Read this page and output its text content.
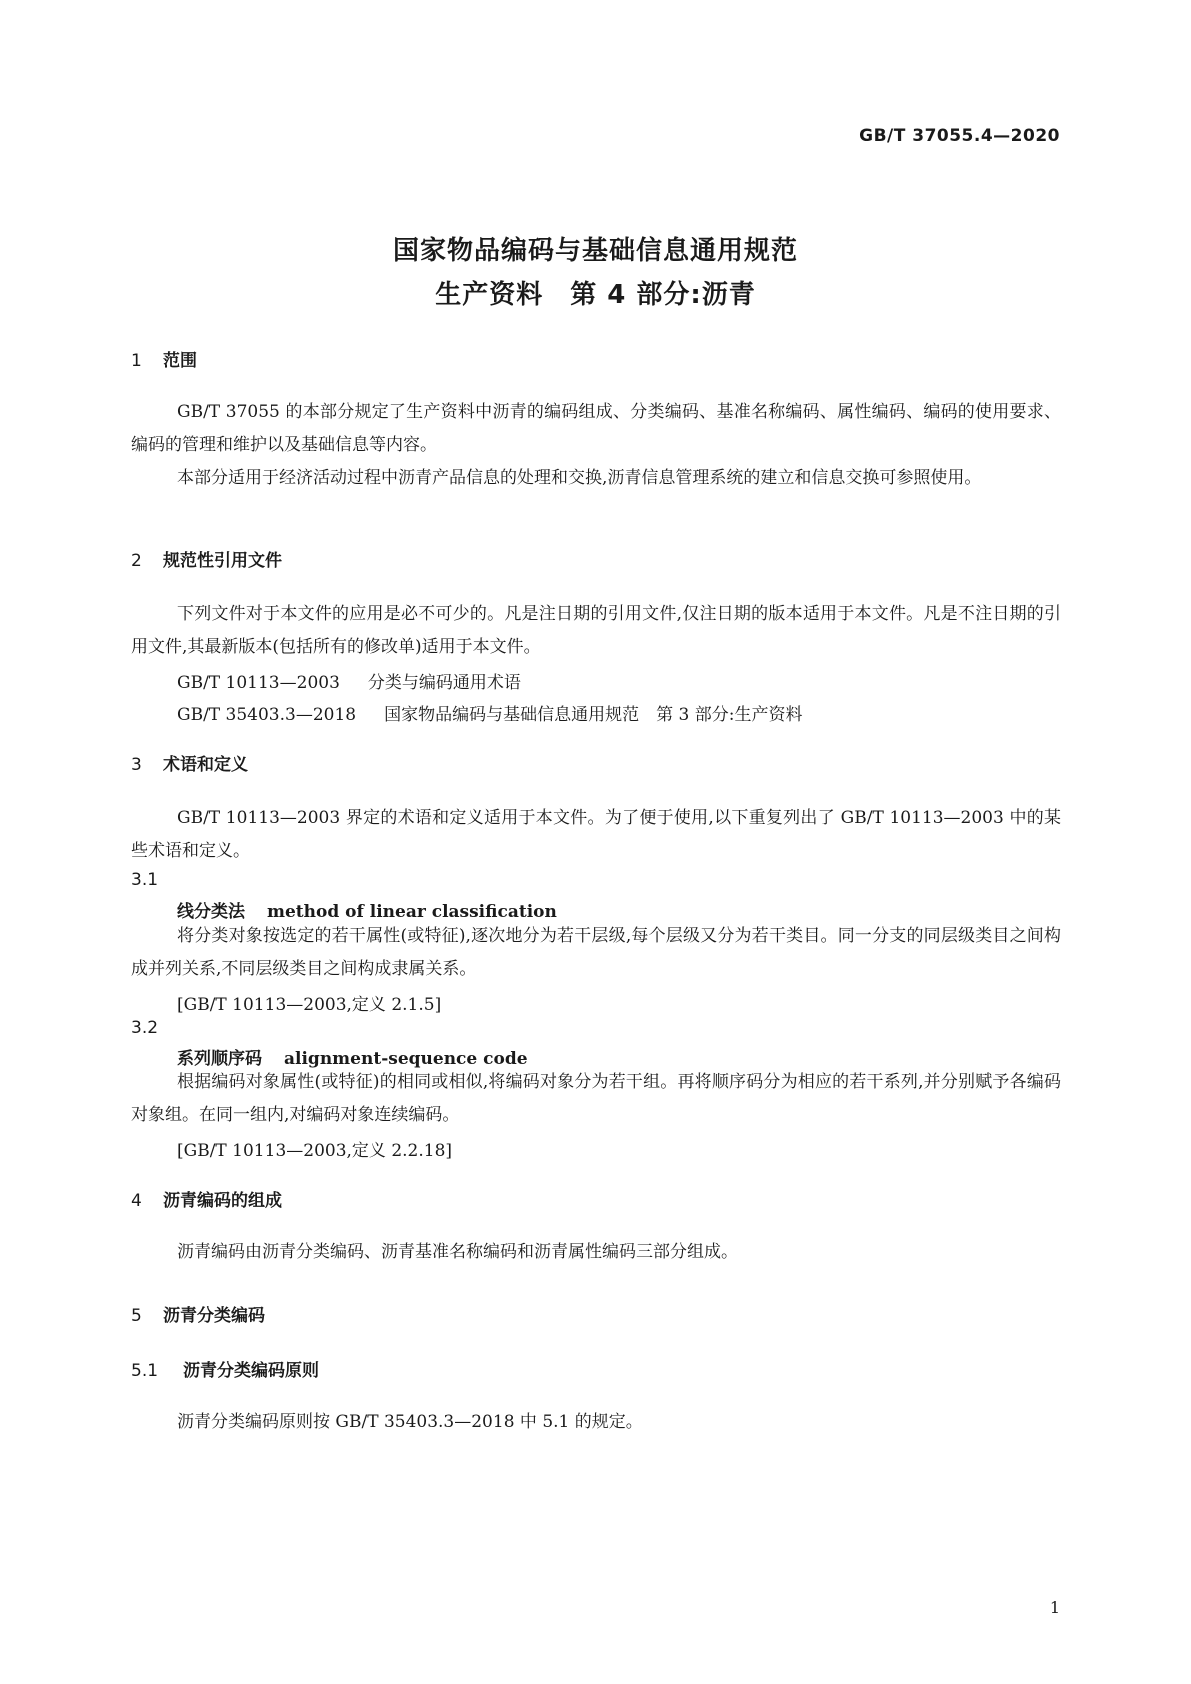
GB/T 37055.4—2020
国家物品编码与基础信息通用规范
生产资料　第 4 部分:沥青
1 范围
GB/T 37055 的本部分规定了生产资料中沥青的编码组成、分类编码、基准名称编码、属性编码、编码的使用要求、编码的管理和维护以及基础信息等内容。
本部分适用于经济活动过程中沥青产品信息的处理和交换,沥青信息管理系统的建立和信息交换可参照使用。
2 规范性引用文件
下列文件对于本文件的应用是必不可少的。凡是注日期的引用文件,仅注日期的版本适用于本文件。凡是不注日期的引用文件,其最新版本(包括所有的修改单)适用于本文件。
GB/T 10113—2003 分类与编码通用术语
GB/T 35403.3—2018 国家物品编码与基础信息通用规范　第 3 部分:生产资料
3 术语和定义
GB/T 10113—2003 界定的术语和定义适用于本文件。为了便于使用,以下重复列出了 GB/T 10113—2003 中的某些术语和定义。
3.1
线分类法 method of linear classification
将分类对象按选定的若干属性(或特征),逐次地分为若干层级,每个层级又分为若干类目。同一分支的同层级类目之间构成并列关系,不同层级类目之间构成隶属关系。
[GB/T 10113—2003,定义 2.1.5]
3.2
系列顺序码 alignment-sequence code
根据编码对象属性(或特征)的相同或相似,将编码对象分为若干组。再将顺序码分为相应的若干系列,并分别赋予各编码对象组。在同一组内,对编码对象连续编码。
[GB/T 10113—2003,定义 2.2.18]
4 沥青编码的组成
沥青编码由沥青分类编码、沥青基准名称编码和沥青属性编码三部分组成。
5 沥青分类编码
5.1 沥青分类编码原则
沥青分类编码原则按 GB/T 35403.3—2018 中 5.1 的规定。
1
